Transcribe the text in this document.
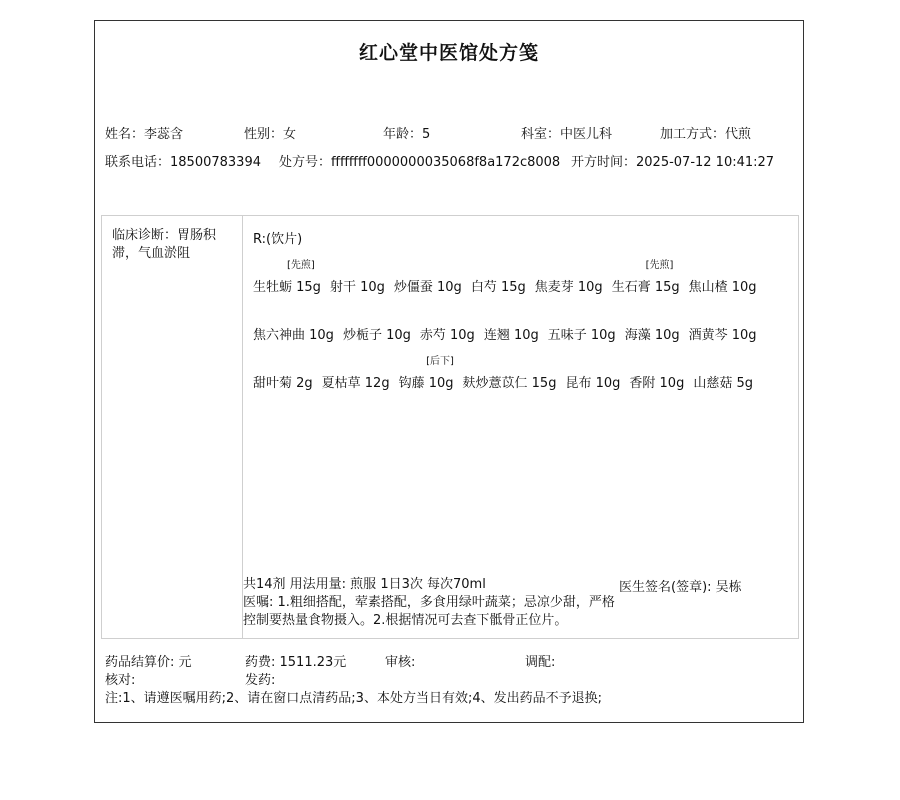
红心堂中医馆处方笺
姓名：李蕊含	性别：女	年龄：5	科室：中医儿科	加工方式：代煎
联系电话：18500783394 处方号：ffffffff0000000035068f8a172c8008 开方时间：2025-07-12 10:41:27
临床诊断：胃肠积滞，气血淤阻
R:(饮片)
生牡蛎 15g
[先煎]
射干 10g 炒僵蚕 10g 白芍 15g 焦麦芽 10g 生石膏 15g
[先煎]
焦山楂 10g
焦六神曲 10g 炒栀子 10g 赤芍 10g 连翘 10g 五味子 10g 海藻 10g 酒黄芩 10g
甜叶菊 2g 夏枯草 12g 钩藤 10g
[后下]
麸炒薏苡仁 15g 昆布 10g 香附 10g 山慈菇 5g
共14剂 用法用量: 煎服 1日3次 每次70ml
医嘱: 1.粗细搭配，荤素搭配，多食用绿叶蔬菜；忌凉少甜，严格控制要热量食物摄入。2.根据情况可去查下骶骨正位片。
医生签名(签章): 吴栋
药品结算价: 元	药费: 1511.23元	审核:	调配:
核对:	发药:
注:1、请遵医嘱用药;2、请在窗口点清药品;3、本处方当日有效;4、发出药品不予退换;
